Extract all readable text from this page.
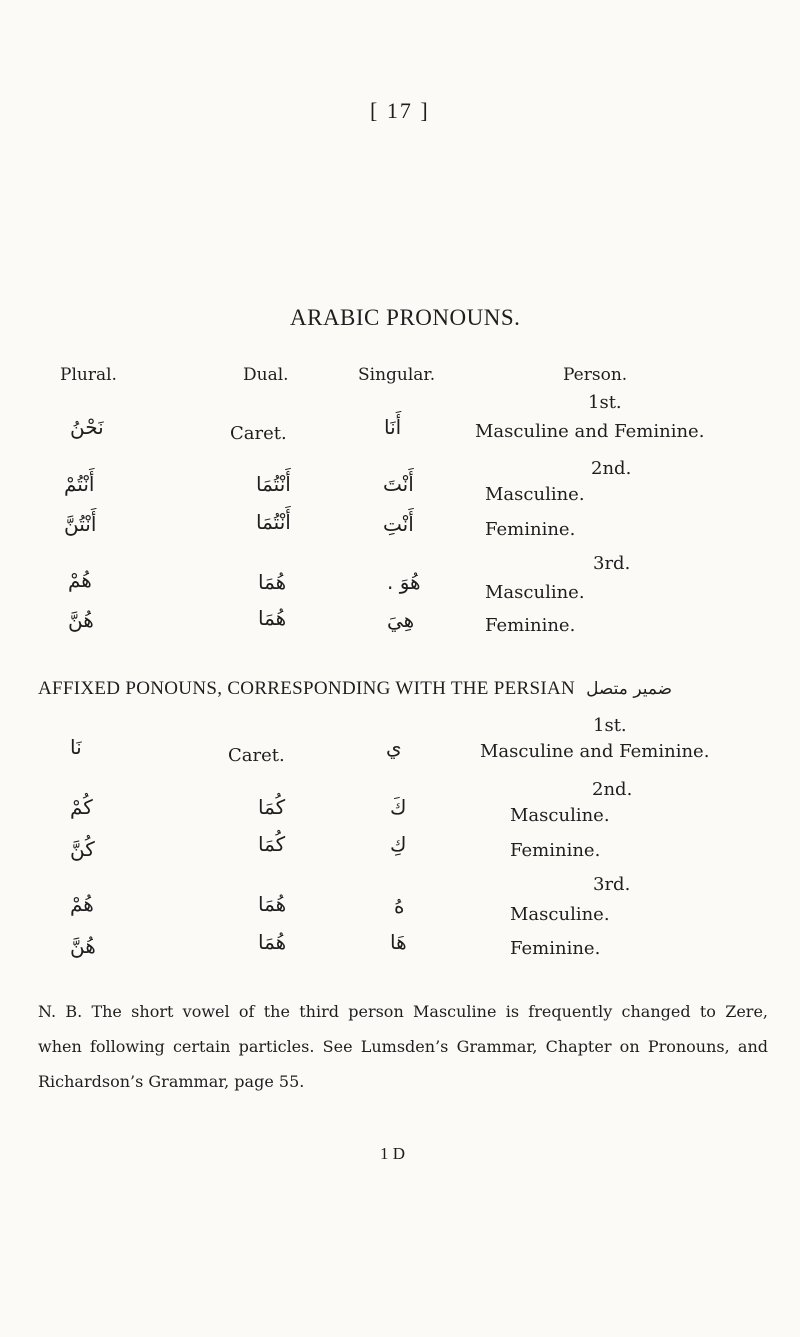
[ 17 ]
ARABIC PRONOUNS.
Plural.	Dual.	Singular.	Person.
1st.
نَحْنُ	Caret.	أَنَا	Masculine and Feminine.
2nd.
أَنْتُمْ	أَنْتُمَا	أَنْتَ	Masculine.
أَنْتُنَّ	أَنْتُمَا	أَنْتِ	Feminine.
3rd.
هُمْ	هُمَا	هُوَ .	Masculine.
هُنَّ	هُمَا	هِيَ	Feminine.
AFFIXED PONOUNS, CORRESPONDING WITH THE PERSIAN ضمیر متصل
1st.
نَا	Caret.	ي	Masculine and Feminine.
2nd.
كُمْ	كُمَا	كَ	Masculine.
كُنَّ	كُمَا	كِ	Feminine.
3rd.
هُمْ	هُمَا	هُ	Masculine.
هُنَّ	هُمَا	هَا	Feminine.
N. B. The short vowel of the third person Masculine is frequently changed to Zere,
when following certain particles. See Lumsden’s Grammar, Chapter on Pronouns, and
Richardson’s Grammar, page 55.
1 D
